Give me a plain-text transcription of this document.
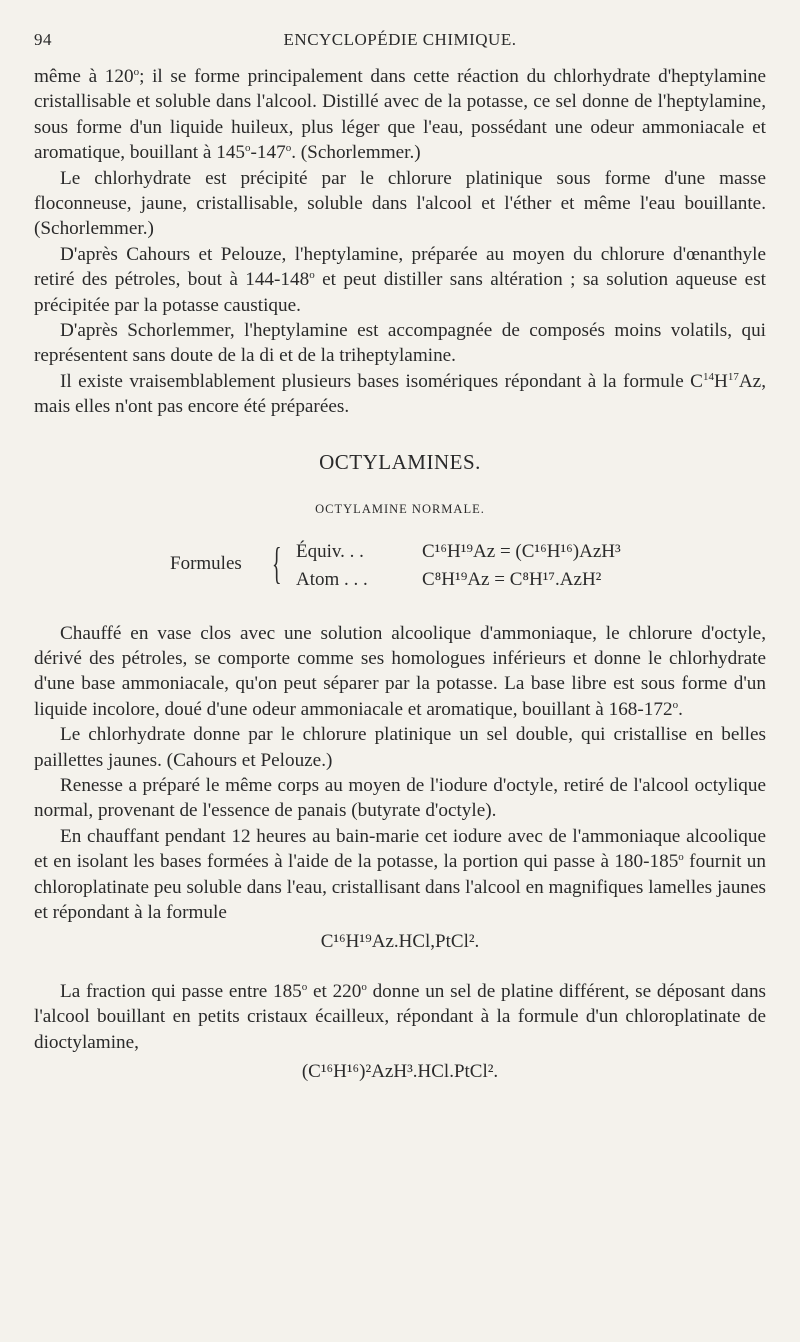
94	ENCYCLOPÉDIE CHIMIQUE.

même à 120$^o$; il se forme principalement dans cette réaction du chlorhydrate d'heptylamine cristallisable et soluble dans l'alcool. Distillé avec de la potasse, ce sel donne de l'heptylamine, sous forme d'un liquide huileux, plus léger que l'eau, possédant une odeur ammoniacale et aromatique, bouillant à 145$^o$-147$^o$. (Schorlemmer.)

Le chlorhydrate est précipité par le chlorure platinique sous forme d'une masse floconneuse, jaune, cristallisable, soluble dans l'alcool et l'éther et même l'eau bouillante. (Schorlemmer.)

D'après Cahours et Pelouze, l'heptylamine, préparée au moyen du chlorure d'œnanthyle retiré des pétroles, bout à 144-148$^o$ et peut distiller sans altération ; sa solution aqueuse est précipitée par la potasse caustique.

D'après Schorlemmer, l'heptylamine est accompagnée de composés moins volatils, qui représentent sans doute de la di et de la triheptylamine.

Il existe vraisemblablement plusieurs bases isomériques répondant à la formule $C^{14}H^{17}Az$, mais elles n'ont pas encore été préparées.

OCTYLAMINES.
OCTYLAMINE NORMALE.
Formules { Équiv. . .	C¹⁶H¹⁹Az = (C¹⁶H¹⁶)AzH³
Atom . . .	C⁸H¹⁹Az = C⁸H¹⁷.AzH²

Chauffé en vase clos avec une solution alcoolique d'ammoniaque, le chlorure d'octyle, dérivé des pétroles, se comporte comme ses homologues inférieurs et donne le chlorhydrate d'une base ammoniacale, qu'on peut séparer par la potasse. La base libre est sous forme d'un liquide incolore, doué d'une odeur ammoniacale et aromatique, bouillant à 168-172$^o$.

Le chlorhydrate donne par le chlorure platinique un sel double, qui cristallise en belles paillettes jaunes. (Cahours et Pelouze.)

Renesse a préparé le même corps au moyen de l'iodure d'octyle, retiré de l'alcool octylique normal, provenant de l'essence de panais (butyrate d'octyle).

En chauffant pendant 12 heures au bain-marie cet iodure avec de l'ammoniaque alcoolique et en isolant les bases formées à l'aide de la potasse, la portion qui passe à 180-185$^o$ fournit un chloroplatinate peu soluble dans l'eau, cristallisant dans l'alcool en magnifiques lamelles jaunes et répondant à la formule

C¹⁶H¹⁹Az.HCl,PtCl².

La fraction qui passe entre 185$^o$ et 220$^o$ donne un sel de platine différent, se déposant dans l'alcool bouillant en petits cristaux écailleux, répondant à la formule d'un chloroplatinate de dioctylamine,

(C¹⁶H¹⁶)²AzH³.HCl.PtCl².
